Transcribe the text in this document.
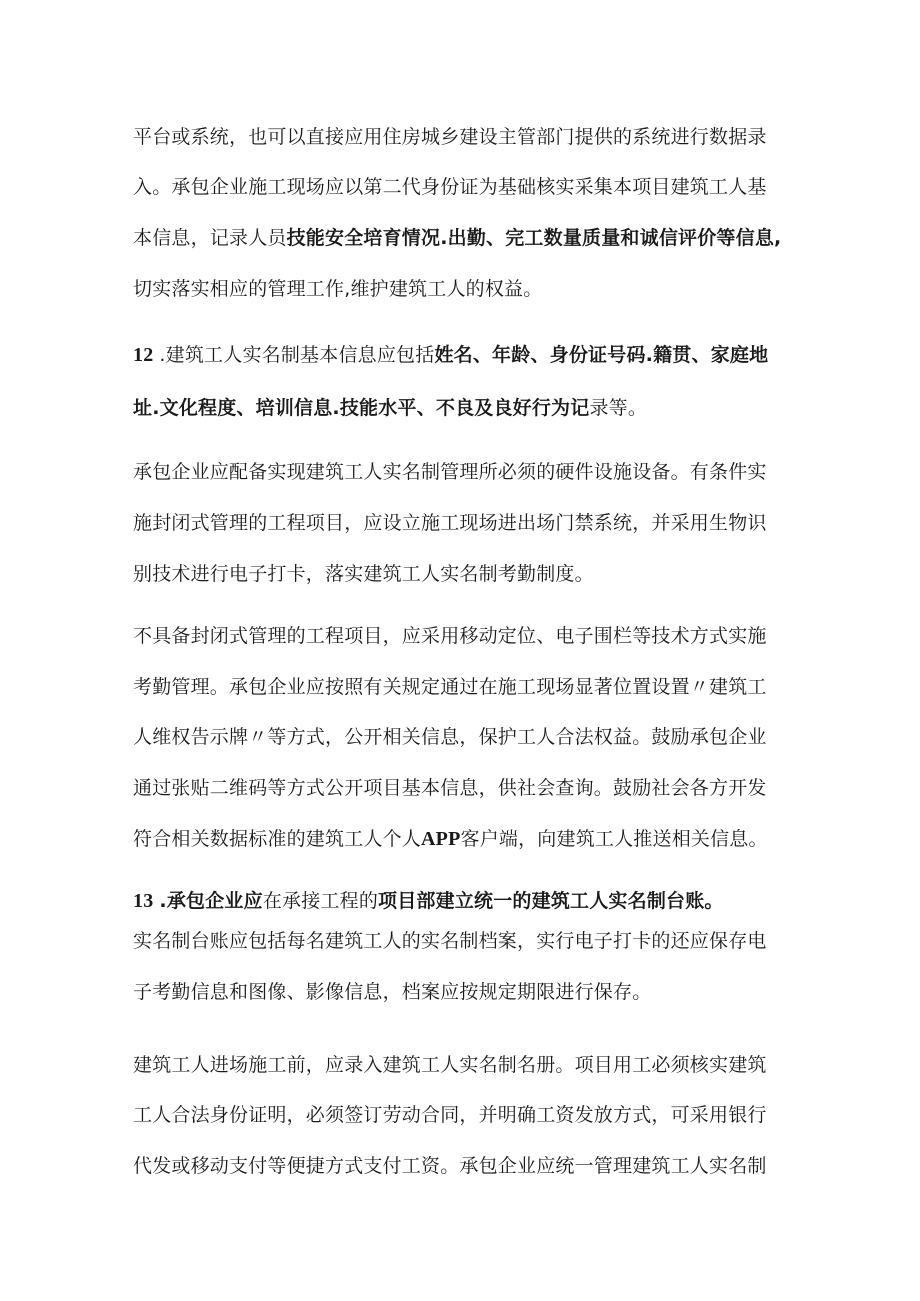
平台或系统，也可以直接应用住房城乡建设主管部门提供的系统进行数据录
入。承包企业施工现场应以第二代身份证为基础核实采集本项目建筑工人基
本信息，记录人员技能安全培育情况.出勤、完工数量质量和诚信评价等信息,
切实落实相应的管理工作,维护建筑工人的权益。
12 .建筑工人实名制基本信息应包括姓名、年龄、身份证号码.籍贯、家庭地
址.文化程度、培训信息.技能水平、不良及良好行为记录等。
承包企业应配备实现建筑工人实名制管理所必须的硬件设施设备。有条件实
施封闭式管理的工程项目，应设立施工现场进出场门禁系统，并采用生物识
别技术进行电子打卡，落实建筑工人实名制考勤制度。
不具备封闭式管理的工程项目，应采用移动定位、电子围栏等技术方式实施
考勤管理。承包企业应按照有关规定通过在施工现场显著位置设置〃建筑工
人维权告示牌〃等方式，公开相关信息，保护工人合法权益。鼓励承包企业
通过张贴二维码等方式公开项目基本信息，供社会查询。鼓励社会各方开发
符合相关数据标准的建筑工人个人APP客户端，向建筑工人推送相关信息。
13 .承包企业应在承接工程的项目部建立统一的建筑工人实名制台账。
实名制台账应包括每名建筑工人的实名制档案，实行电子打卡的还应保存电
子考勤信息和图像、影像信息，档案应按规定期限进行保存。
建筑工人进场施工前，应录入建筑工人实名制名册。项目用工必须核实建筑
工人合法身份证明，必须签订劳动合同，并明确工资发放方式，可采用银行
代发或移动支付等便捷方式支付工资。承包企业应统一管理建筑工人实名制
